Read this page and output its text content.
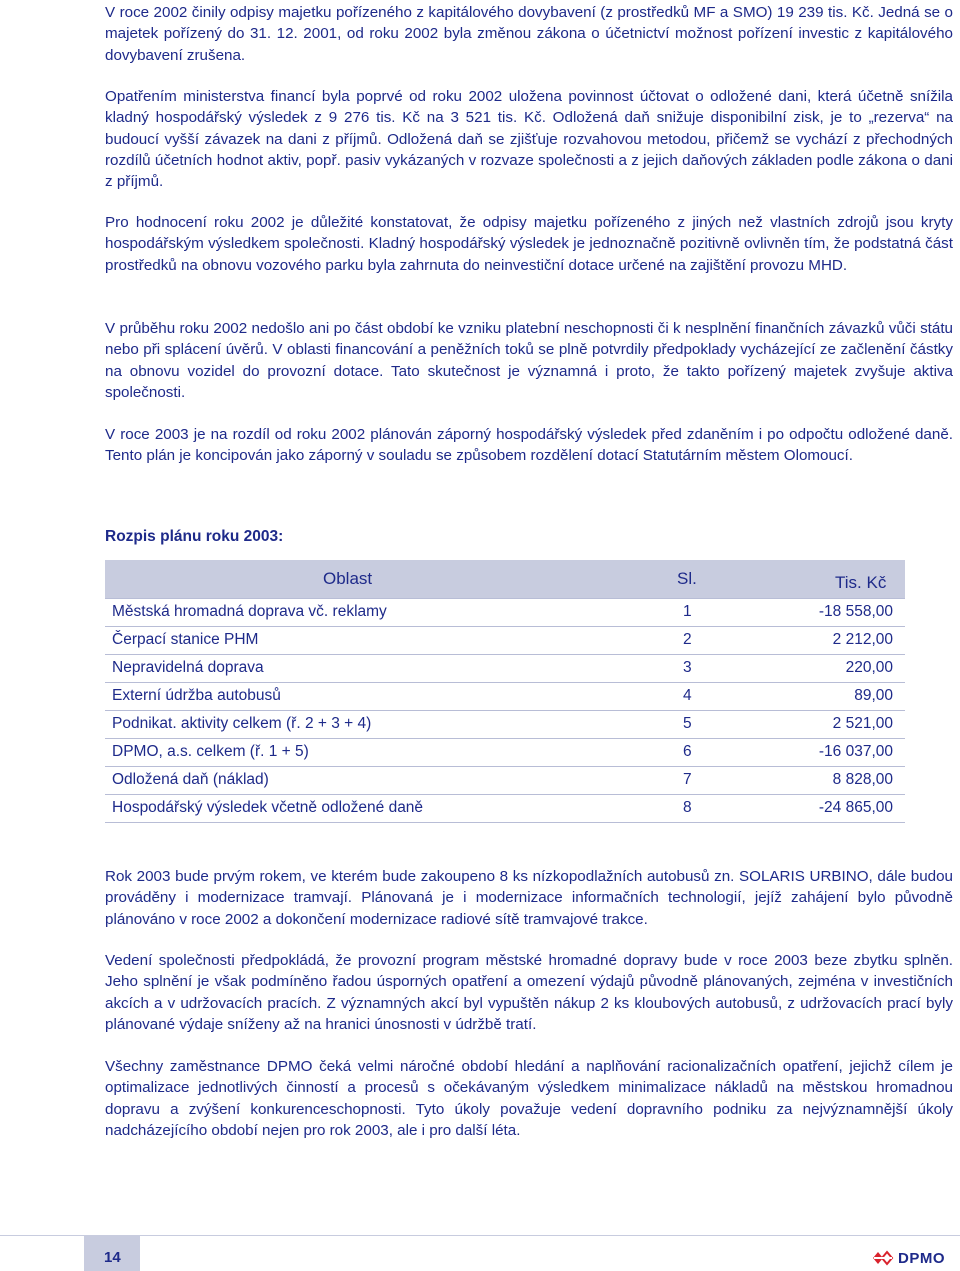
V roce 2002 činily odpisy majetku pořízeného z kapitálového dovybavení (z prostředků MF a SMO) 19 239 tis. Kč. Jedná se o majetek pořízený do 31. 12. 2001, od roku 2002 byla změnou zákona o účetnictví možnost pořízení investic z kapitálového dovybavení zrušena.

Opatřením ministerstva financí byla poprvé od roku 2002 uložena povinnost účtovat o odložené dani, která účetně snížila kladný hospodářský výsledek z 9 276 tis. Kč na 3 521 tis. Kč. Odložená daň snižuje disponibilní zisk, je to „rezerva“ na budoucí vyšší závazek na dani z příjmů. Odložená daň se zjišťuje rozvahovou metodou, přičemž se vychází z přechodných rozdílů účetních hodnot aktiv, popř. pasiv vykázaných v rozvaze společnosti a z jejich daňových základen podle zákona o dani z příjmů.

Pro hodnocení roku 2002 je důležité konstatovat, že odpisy majetku pořízeného z jiných než vlastních zdrojů jsou kryty hospodářským výsledkem společnosti. Kladný hospodářský výsledek je jednoznačně pozitivně ovlivněn tím, že podstatná část prostředků na obnovu vozového parku byla zahrnuta do neinvestiční dotace určené na zajištění provozu MHD.

V průběhu roku 2002 nedošlo ani po část období ke vzniku platební neschopnosti či k nesplnění finančních závazků vůči státu nebo při splácení úvěrů. V oblasti financování a peněžních toků se plně potvrdily předpoklady vycházející ze začlenění částky na obnovu vozidel do provozní dotace. Tato skutečnost je významná i proto, že takto pořízený majetek zvyšuje aktiva společnosti.

V roce 2003 je na rozdíl od roku 2002 plánován záporný hospodářský výsledek před zdaněním i po odpočtu odložené daně. Tento plán je koncipován jako záporný v souladu se způsobem rozdělení dotací Statutárním městem Olomoucí.

Rozpis plánu roku 2003:
Oblast	Sl.	Tis. Kč
Městská hromadná doprava vč. reklamy	1	-18 558,00
Čerpací stanice PHM	2	2 212,00
Nepravidelná doprava	3	220,00
Externí údržba autobusů	4	89,00
Podnikat. aktivity celkem (ř. 2 + 3 + 4)	5	2 521,00
DPMO, a.s. celkem (ř. 1 + 5)	6	-16 037,00
Odložená daň (náklad)	7	8 828,00
Hospodářský výsledek včetně odložené daně	8	-24 865,00

Rok 2003 bude prvým rokem, ve kterém bude zakoupeno 8 ks nízkopodlažních autobusů zn. SOLARIS URBINO, dále budou prováděny i modernizace tramvají. Plánovaná je i modernizace informačních technologií, jejíž zahájení bylo původně plánováno v roce 2002 a dokončení modernizace radiové sítě tramvajové trakce.

Vedení společnosti předpokládá, že provozní program městské hromadné dopravy bude v roce 2003 beze zbytku splněn. Jeho splnění je však podmíněno řadou úsporných opatření a omezení výdajů původně plánovaných, zejména v investičních akcích a v udržovacích pracích. Z významných akcí byl vypuštěn nákup 2 ks kloubových autobusů, z udržovacích prací byly plánované výdaje sníženy až na hranici únosnosti v údržbě tratí.

Všechny zaměstnance DPMO čeká velmi náročné období hledání a naplňování racionalizačních opatření, jejichž cílem je optimalizace jednotlivých činností a procesů s očekávaným výsledkem minimalizace nákladů na městskou hromadnou dopravu a zvýšení konkurenceschopnosti. Tyto úkoly považuje vedení dopravního podniku za nejvýznamnější úkoly nadcházejícího období nejen pro rok 2003, ale i pro další léta.

14	DPMO
